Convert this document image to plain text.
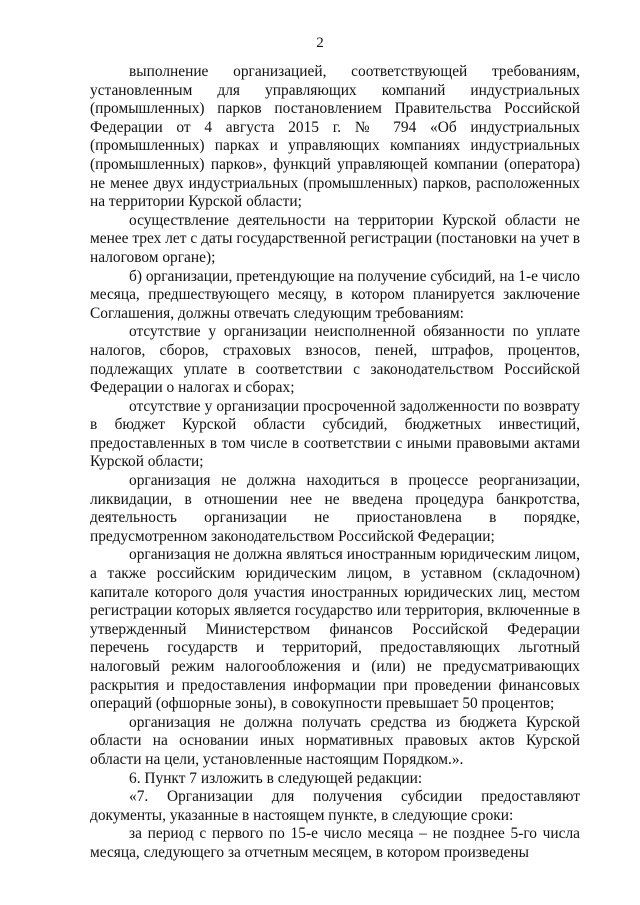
2

выполнение организацией, соответствующей требованиям, установленным для управляющих компаний индустриальных (промышленных) парков постановлением Правительства Российской Федерации от 4 августа 2015 г. № 794 «Об индустриальных (промышленных) парках и управляющих компаниях индустриальных (промышленных) парков», функций управляющей компании (оператора) не менее двух индустриальных (промышленных) парков, расположенных на территории Курской области;

осуществление деятельности на территории Курской области не менее трех лет с даты государственной регистрации (постановки на учет в налоговом органе);

б) организации, претендующие на получение субсидий, на 1-е число месяца, предшествующего месяцу, в котором планируется заключение Соглашения, должны отвечать следующим требованиям:

отсутствие у организации неисполненной обязанности по уплате налогов, сборов, страховых взносов, пеней, штрафов, процентов, подлежащих уплате в соответствии с законодательством Российской Федерации о налогах и сборах;

отсутствие у организации просроченной задолженности по возврату в бюджет Курской области субсидий, бюджетных инвестиций, предоставленных в том числе в соответствии с иными правовыми актами Курской области;

организация не должна находиться в процессе реорганизации, ликвидации, в отношении нее не введена процедура банкротства, деятельность организации не приостановлена в порядке, предусмотренном законодательством Российской Федерации;

организация не должна являться иностранным юридическим лицом, а также российским юридическим лицом, в уставном (складочном) капитале которого доля участия иностранных юридических лиц, местом регистрации которых является государство или территория, включенные в утвержденный Министерством финансов Российской Федерации перечень государств и территорий, предоставляющих льготный налоговый режим налогообложения и (или) не предусматривающих раскрытия и предоставления информации при проведении финансовых операций (офшорные зоны), в совокупности превышает 50 процентов;

организация не должна получать средства из бюджета Курской области на основании иных нормативных правовых актов Курской области на цели, установленные настоящим Порядком.».

6. Пункт 7 изложить в следующей редакции:

«7. Организации для получения субсидии предоставляют документы, указанные в настоящем пункте, в следующие сроки:

за период с первого по 15-е число месяца – не позднее 5-го числа месяца, следующего за отчетным месяцем, в котором произведены
